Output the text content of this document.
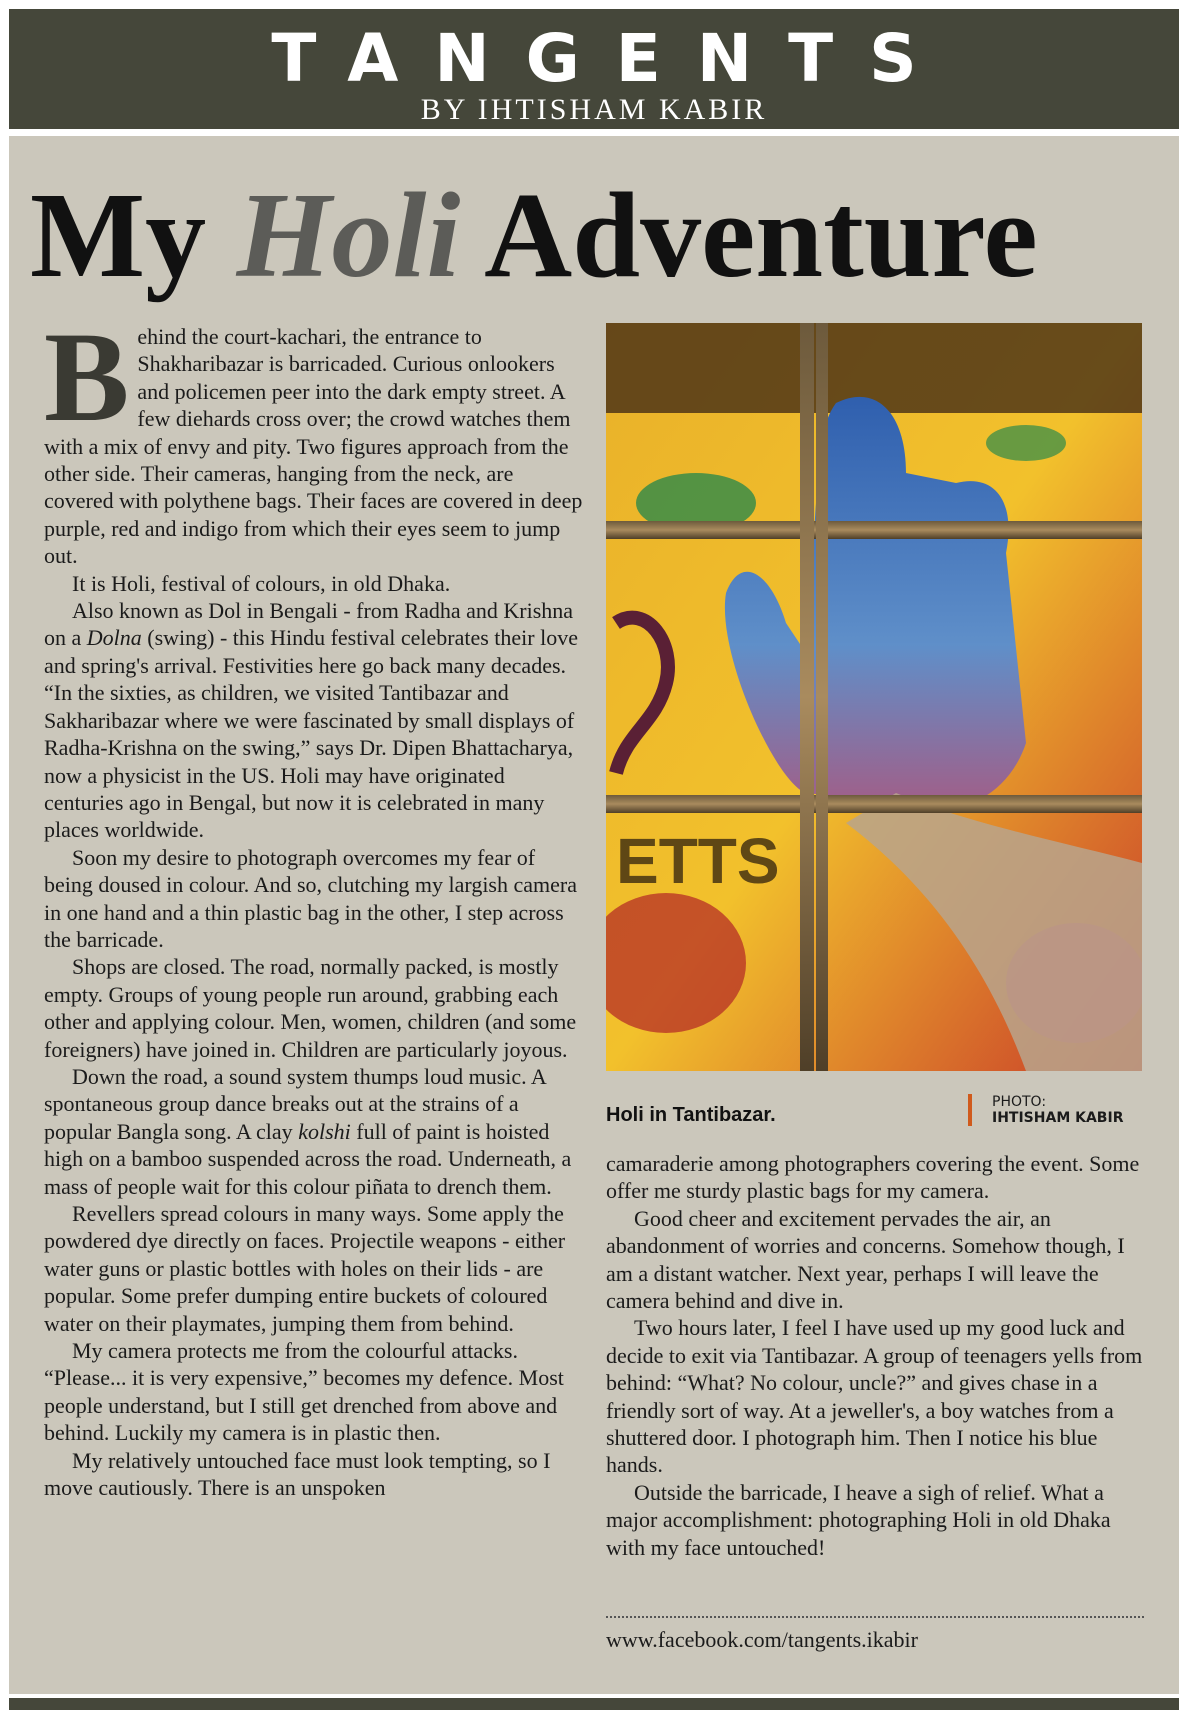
TANGENTS
BY IHTISHAM KABIR
My Holi Adventure

Behind the court-kachari, the entrance to Shakharibazar is barricaded. Curious onlookers and policemen peer into the dark empty street. A few diehards cross over; the crowd watches them with a mix of envy and pity. Two figures approach from the other side. Their cameras, hanging from the neck, are covered with polythene bags. Their faces are covered in deep purple, red and indigo from which their eyes seem to jump out.

It is Holi, festival of colours, in old Dhaka.

Also known as Dol in Bengali - from Radha and Krishna on a Dolna (swing) - this Hindu festival celebrates their love and spring's arrival. Festivities here go back many decades. “In the sixties, as children, we visited Tantibazar and Sakharibazar where we were fascinated by small displays of Radha-Krishna on the swing,” says Dr. Dipen Bhattacharya, now a physicist in the US. Holi may have originated centuries ago in Bengal, but now it is celebrated in many places worldwide.

Soon my desire to photograph overcomes my fear of being doused in colour. And so, clutching my largish camera in one hand and a thin plastic bag in the other, I step across the barricade.

Shops are closed. The road, normally packed, is mostly empty. Groups of young people run around, grabbing each other and applying colour. Men, women, children (and some foreigners) have joined in. Children are particularly joyous.

Down the road, a sound system thumps loud music. A spontaneous group dance breaks out at the strains of a popular Bangla song. A clay kolshi full of paint is hoisted high on a bamboo suspended across the road. Underneath, a mass of people wait for this colour piñata to drench them.

Revellers spread colours in many ways. Some apply the powdered dye directly on faces. Projectile weapons - either water guns or plastic bottles with holes on their lids - are popular. Some prefer dumping entire buckets of coloured water on their playmates, jumping them from behind.

My camera protects me from the colourful attacks. “Please... it is very expensive,” becomes my defence. Most people understand, but I still get drenched from above and behind. Luckily my camera is in plastic then.

My relatively untouched face must look tempting, so I move cautiously. There is an unspoken

ETTS
Holi in Tantibazar.
PHOTO:
IHTISHAM KABIR

camaraderie among photographers covering the event. Some offer me sturdy plastic bags for my camera.

Good cheer and excitement pervades the air, an abandonment of worries and concerns. Somehow though, I am a distant watcher. Next year, perhaps I will leave the camera behind and dive in.

Two hours later, I feel I have used up my good luck and decide to exit via Tantibazar. A group of teenagers yells from behind: “What? No colour, uncle?” and gives chase in a friendly sort of way. At a jeweller's, a boy watches from a shuttered door. I photograph him. Then I notice his blue hands.

Outside the barricade, I heave a sigh of relief. What a major accomplishment: photographing Holi in old Dhaka with my face untouched!

www.facebook.com/tangents.ikabir
